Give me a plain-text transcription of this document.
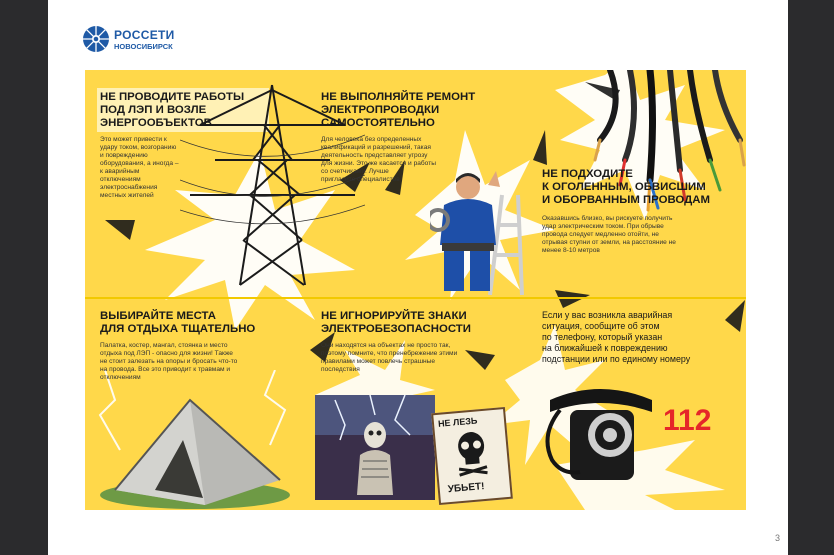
РОССЕТИ
НОВОСИБИРСК
НЕ ЛЕЗЬ
УБЬЕТ!
112
НЕ ПРОВОДИТЕ РАБОТЫ
ПОД ЛЭП И ВОЗЛЕ
ЭНЕРГООБЪЕКТОВ
Это может привести к
удару током, возгоранию
и повреждению
оборудования, а иногда –
к аварийным
отключениям
электроснабжения
местных жителей
НЕ ВЫПОЛНЯЙТЕ РЕМОНТ
ЭЛЕКТРОПРОВОДКИ
САМОСТОЯТЕЛЬНО
Для человека без определенных
квалификаций и разрешений, такая
деятельность представляет угрозу
для жизни. Это же касается и работы
со счетчиками. Лучше
пригласите специалистов	НЕ ПОДХОДИТЕ
К ОГОЛЕННЫМ, ОБВИСШИМ
И ОБОРВАННЫМ ПРОВОДАМ
Оказавшись близко, вы рискуете получить
удар электрическим током. При обрыве
провода следует медленно отойти, не
отрывая ступни от земли, на расстояние не
менее 8-10 метров
ВЫБИРАЙТЕ МЕСТА
ДЛЯ ОТДЫХА ТЩАТЕЛЬНО
Палатка, костер, мангал, стоянка и место
отдыха под ЛЭП - опасно для жизни! Также
не стоит залезать на опоры и бросать что-то
на провода. Все это приводит к травмам и
отключениям
НЕ ИГНОРИРУЙТЕ ЗНАКИ
ЭЛЕКТРОБЕЗОПАСНОСТИ
Они находятся на объектах не просто так,
поэтому помните, что пренебрежение этими
правилами может повлечь страшные
последствия
Если у вас возникла аварийная
ситуация, сообщите об этом
по телефону, который указан
на ближайшей к повреждению
подстанции или по единому номеру
3
